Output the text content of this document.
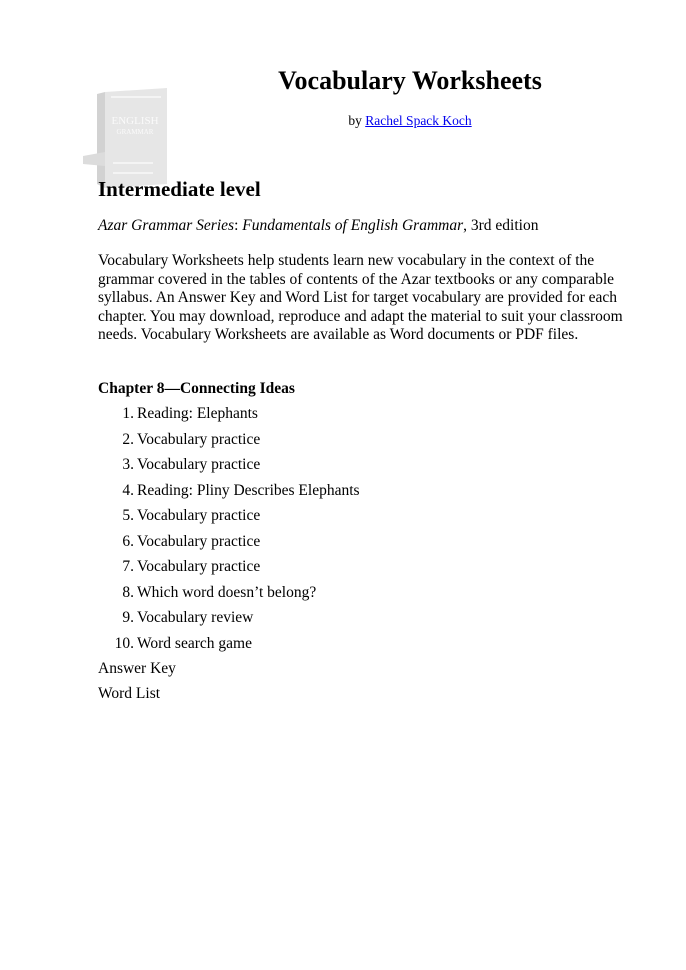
ENGLISH
GRAMMAR
Vocabulary Worksheets
by Rachel Spack Koch
Intermediate level
Azar Grammar Series: Fundamentals of English Grammar, 3rd edition
Vocabulary Worksheets help students learn new vocabulary in the context of the grammar covered in the tables of contents of the Azar textbooks or any comparable syllabus. An Answer Key and Word List for target vocabulary are provided for each chapter. You may download, reproduce and adapt the material to suit your classroom needs. Vocabulary Worksheets are available as Word documents or PDF files.
Chapter 8—Connecting Ideas
1. Reading: Elephants
2. Vocabulary practice
3. Vocabulary practice
4. Reading: Pliny Describes Elephants
5. Vocabulary practice
6. Vocabulary practice
7. Vocabulary practice
8. Which word doesn’t belong?
9. Vocabulary review
10. Word search game
Answer Key
Word List
